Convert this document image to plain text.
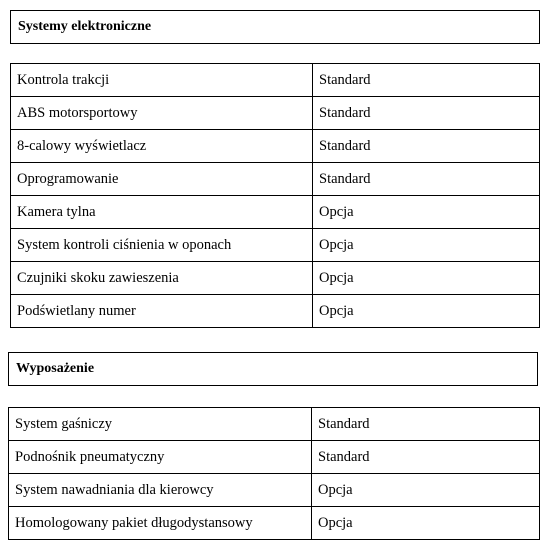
Systemy elektroniczne
Kontrola trakcji	Standard
ABS motorsportowy	Standard
8-calowy wyświetlacz	Standard
Oprogramowanie	Standard
Kamera tylna	Opcja
System kontroli ciśnienia w oponach	Opcja
Czujniki skoku zawieszenia	Opcja
Podświetlany numer	Opcja
Wyposażenie
System gaśniczy	Standard
Podnośnik pneumatyczny	Standard
System nawadniania dla kierowcy	Opcja
Homologowany pakiet długodystansowy	Opcja
